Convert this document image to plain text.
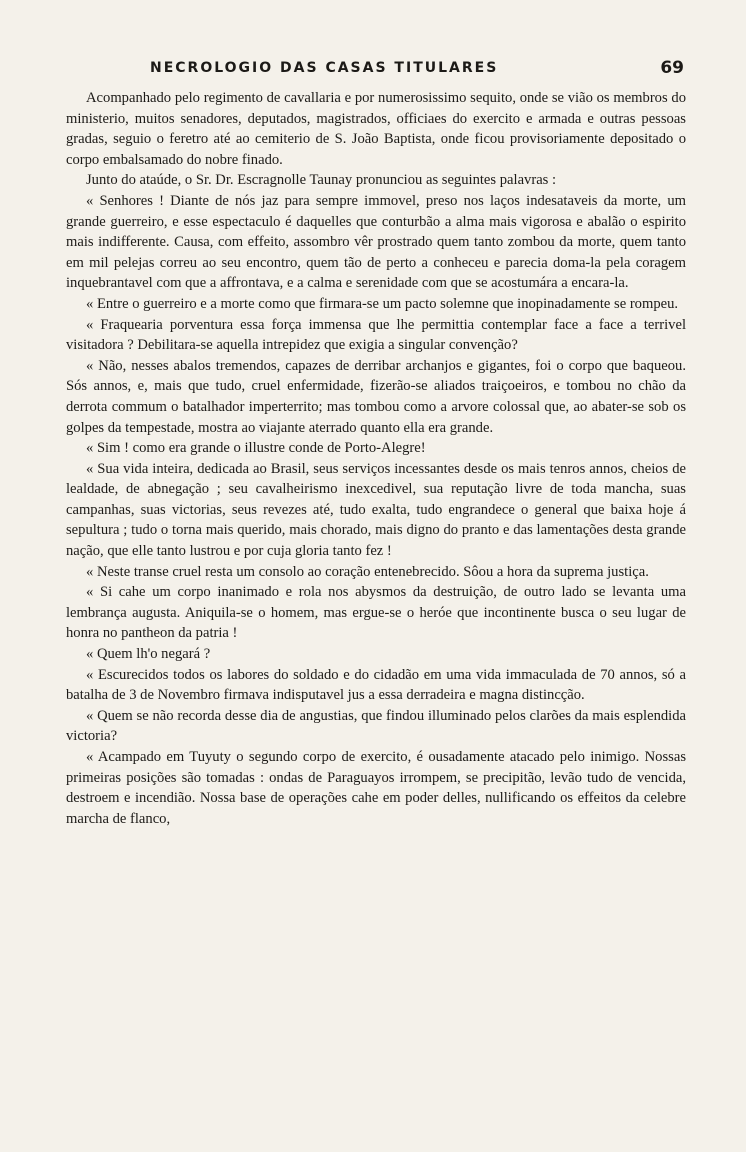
NECROLOGIO DAS CASAS TITULARES	69

Acompanhado pelo regimento de cavallaria e por numerosissimo sequito, onde se vião os membros do ministerio, muitos senadores, deputados, magistrados, officiaes do exercito e armada e outras pessoas gradas, seguio o feretro até ao cemiterio de S. João Baptista, onde ficou provisoriamente depositado o corpo embalsamado do nobre finado.

Junto do ataúde, o Sr. Dr. Escragnolle Taunay pronunciou as seguintes palavras :

« Senhores ! Diante de nós jaz para sempre immovel, preso nos laços indesataveis da morte, um grande guerreiro, e esse espectaculo é daquelles que conturbão a alma mais vigorosa e abalão o espirito mais indifferente. Causa, com effeito, assombro vêr prostrado quem tanto zombou da morte, quem tanto em mil pelejas correu ao seu encontro, quem tão de perto a conheceu e parecia doma-la pela coragem inquebrantavel com que a affrontava, e a calma e serenidade com que se acostumára a encara-la.

« Entre o guerreiro e a morte como que firmara-se um pacto solemne que inopinadamente se rompeu.

« Fraquearia porventura essa força immensa que lhe permittia contemplar face a face a terrivel visitadora ? Debilitara-se aquella intrepidez que exigia a singular convenção?

« Não, nesses abalos tremendos, capazes de derribar archanjos e gigantes, foi o corpo que baqueou. Sós annos, e, mais que tudo, cruel enfermidade, fizerão-se aliados traiçoeiros, e tombou no chão da derrota commum o batalhador imperterrito; mas tombou como a arvore colossal que, ao abater-se sob os golpes da tempestade, mostra ao viajante aterrado quanto ella era grande.

« Sim ! como era grande o illustre conde de Porto-Alegre!

« Sua vida inteira, dedicada ao Brasil, seus serviços incessantes desde os mais tenros annos, cheios de lealdade, de abnegação ; seu cavalheirismo inexcedivel, sua reputação livre de toda mancha, suas campanhas, suas victorias, seus revezes até, tudo exalta, tudo engrandece o general que baixa hoje á sepultura ; tudo o torna mais querido, mais chorado, mais digno do pranto e das lamentações desta grande nação, que elle tanto lustrou e por cuja gloria tanto fez !

« Neste transe cruel resta um consolo ao coração entenebrecido. Sôou a hora da suprema justiça.

« Si cahe um corpo inanimado e rola nos abysmos da destruição, de outro lado se levanta uma lembrança augusta. Aniquila-se o homem, mas ergue-se o heróe que incontinente busca o seu lugar de honra no pantheon da patria !

« Quem lh'o negará ?

« Escurecidos todos os labores do soldado e do cidadão em uma vida immaculada de 70 annos, só a batalha de 3 de Novembro firmava indisputavel jus a essa derradeira e magna distincção.

« Quem se não recorda desse dia de angustias, que findou illuminado pelos clarões da mais esplendida victoria?

« Acampado em Tuyuty o segundo corpo de exercito, é ousadamente atacado pelo inimigo. Nossas primeiras posições são tomadas : ondas de Paraguayos irrompem, se precipitão, levão tudo de vencida, destroem e incendião. Nossa base de operações cahe em poder delles, nullificando os effeitos da celebre marcha de flanco,
